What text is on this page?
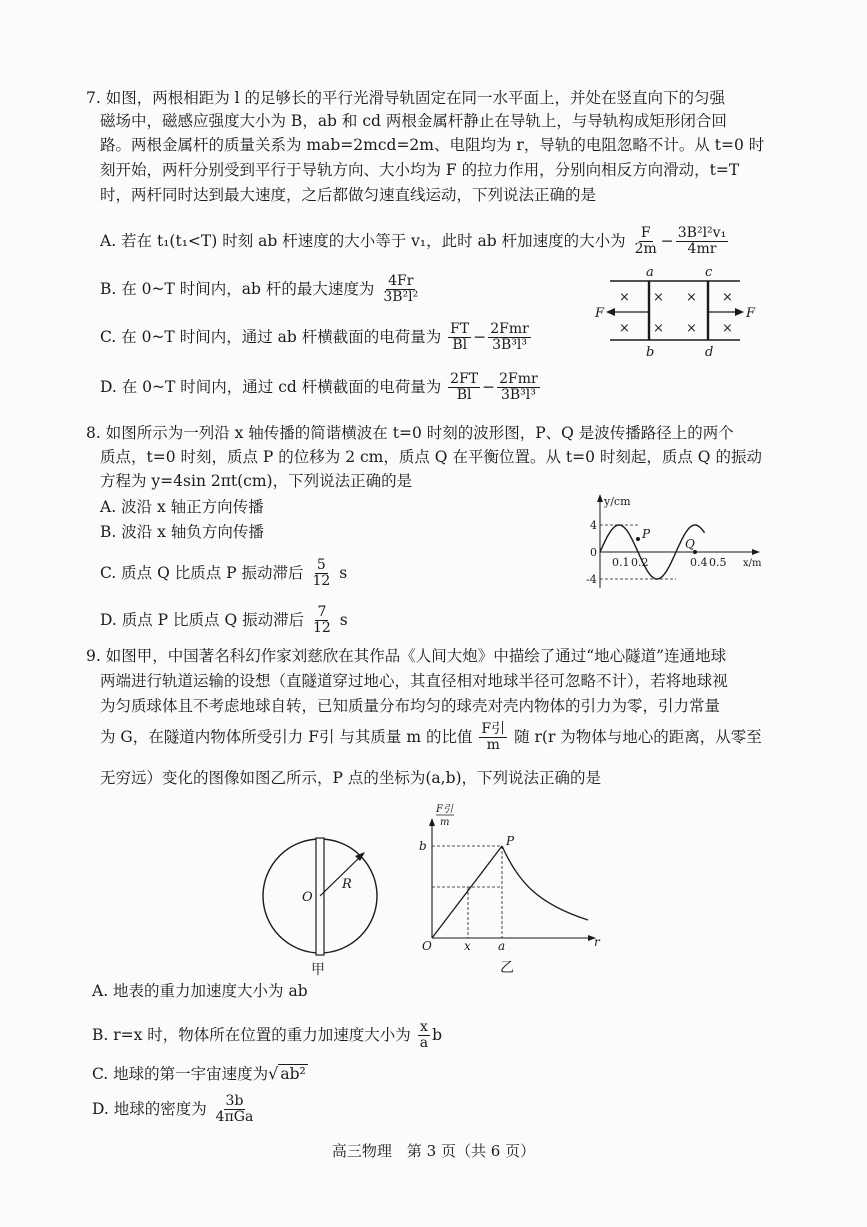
7. 如图，两根相距为 l 的足够长的平行光滑导轨固定在同一水平面上，并处在竖直向下的匀强
磁场中，磁感应强度大小为 B，ab 和 cd 两根金属杆静止在导轨上，与导轨构成矩形闭合回
路。两根金属杆的质量关系为 mab=2mcd=2m、电阻均为 r，导轨的电阻忽略不计。从 t=0 时
刻开始，两杆分别受到平行于导轨方向、大小均为 F 的拉力作用，分别向相反方向滑动，t=T
时，两杆同时达到最大速度，之后都做匀速直线运动，下列说法正确的是
A. 若在 t₁(t₁<T) 时刻 ab 杆速度的大小等于 v₁，此时 ab 杆加速度的大小为 $\frac{F}{2m} - \frac{\text{3B²l²v₁}}{4mr}$
B. 在 0~T 时间内，ab 杆的最大速度为 $\frac{4Fr}{\text{3B²l²}}$
C. 在 0~T 时间内，通过 ab 杆横截面的电荷量为 $\frac{FT}{Bl} - \frac{\text{2Fmr}}{\text{3B³l³}}$
D. 在 0~T 时间内，通过 cd 杆横截面的电荷量为 $\frac{2FT}{Bl} - \frac{\text{2Fmr}}{\text{3B³l³}}$
a
b
c
d
F	F
×
×
×
×
×
×
×
×
8. 如图所示为一列沿 x 轴传播的简谐横波在 t=0 时刻的波形图，P、Q 是波传播路径上的两个
质点，t=0 时刻，质点 P 的位移为 2 cm，质点 Q 在平衡位置。从 t=0 时刻起，质点 Q 的振动
方程为 y=4sin 2πt(cm)，下列说法正确的是
A. 波沿 x 轴正方向传播
B. 波沿 x 轴负方向传播
C. 质点 Q 比质点 P 振动滞后 $\frac{5}{12}$ s
D. 质点 P 比质点 Q 振动滞后 $\frac{7}{12}$ s
y/cm
x/m
4
0
-4
0.1 0.2	0.4 0.5
P
Q
9. 如图甲，中国著名科幻作家刘慈欣在其作品《人间大炮》中描绘了通过“地心隧道”连通地球
两端进行轨道运输的设想（直隧道穿过地心，其直径相对地球半径可忽略不计），若将地球视
为匀质球体且不考虑地球自转，已知质量分布均匀的球壳对壳内物体的引力为零，引力常量
为 G，在隧道内物体所受引力 F引 与其质量 m 的比值 $\frac{\text{F引}}{m}$ 随 r(r 为物体与地心的距离，从零至
无穷远）变化的图像如图乙所示，P 点的坐标为(a,b)，下列说法正确的是
O
R
甲
F引
m
b	P
O	x a	r
乙
A. 地表的重力加速度大小为 ab
B. r=x 时，物体所在位置的重力加速度大小为 $\frac{x}{a}$ b
C. 地球的第一宇宙速度为√ ab²
D. 地球的密度为 $\frac{3b}{\text{4πGa}}$
高三物理　第 3 页（共 6 页）
